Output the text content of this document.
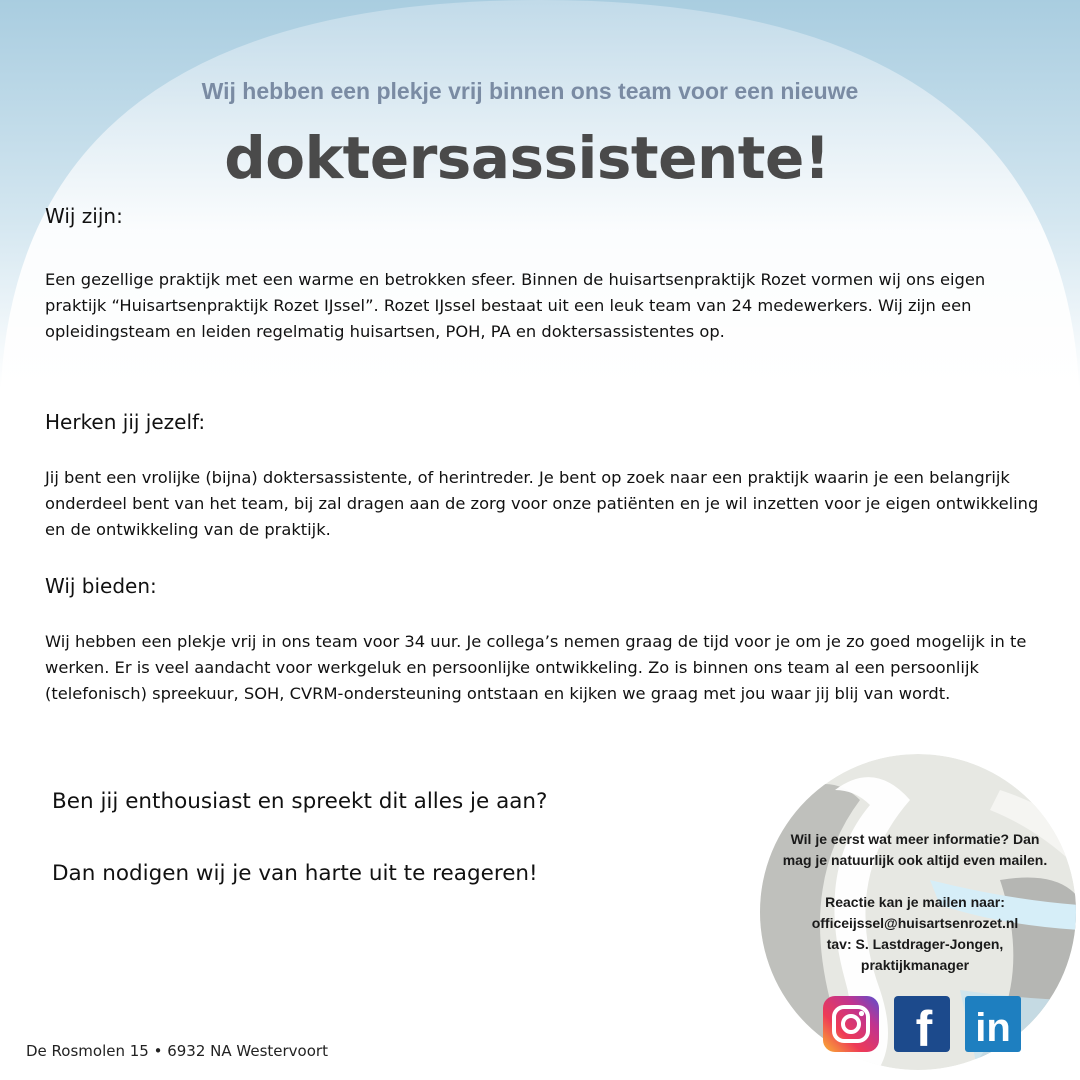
Wij hebben een plekje vrij binnen ons team voor een nieuwe
doktersassistente!
Wij zijn:
Een gezellige praktijk met een warme en betrokken sfeer. Binnen de huisartsenpraktijk Rozet vormen wij ons eigen praktijk “Huisartsenpraktijk Rozet IJssel”. Rozet IJssel bestaat uit een leuk team van 24 medewerkers. Wij zijn een opleidingsteam en leiden regelmatig huisartsen, POH, PA en doktersassistentes op.
Herken jij jezelf:
Jij bent een vrolijke (bijna) doktersassistente, of herintreder. Je bent op zoek naar een praktijk waarin je een belangrijk onderdeel bent van het team, bij zal dragen aan de zorg voor onze patiënten en je wil inzetten voor je eigen ontwikkeling en de ontwikkeling van de praktijk.
Wij bieden:
Wij hebben een plekje vrij in ons team voor 34 uur. Je collega’s nemen graag de tijd voor je om je zo goed mogelijk in te werken. Er is veel aandacht voor werkgeluk en persoonlijke ontwikkeling. Zo is binnen ons team al een persoonlijk (telefonisch) spreekuur, SOH, CVRM-ondersteuning ontstaan en kijken we graag met jou waar jij blij van wordt.
Ben jij enthousiast en spreekt dit alles je aan?
Dan nodigen wij je van harte uit te reageren!
Wil je eerst wat meer informatie? Dan
mag je natuurlijk ook altijd even mailen.
Reactie kan je mailen naar:
officeijssel@huisartsenrozet.nl
tav: S. Lastdrager-Jongen,
praktijkmanager
f in
De Rosmolen 15 • 6932 NA Westervoort
